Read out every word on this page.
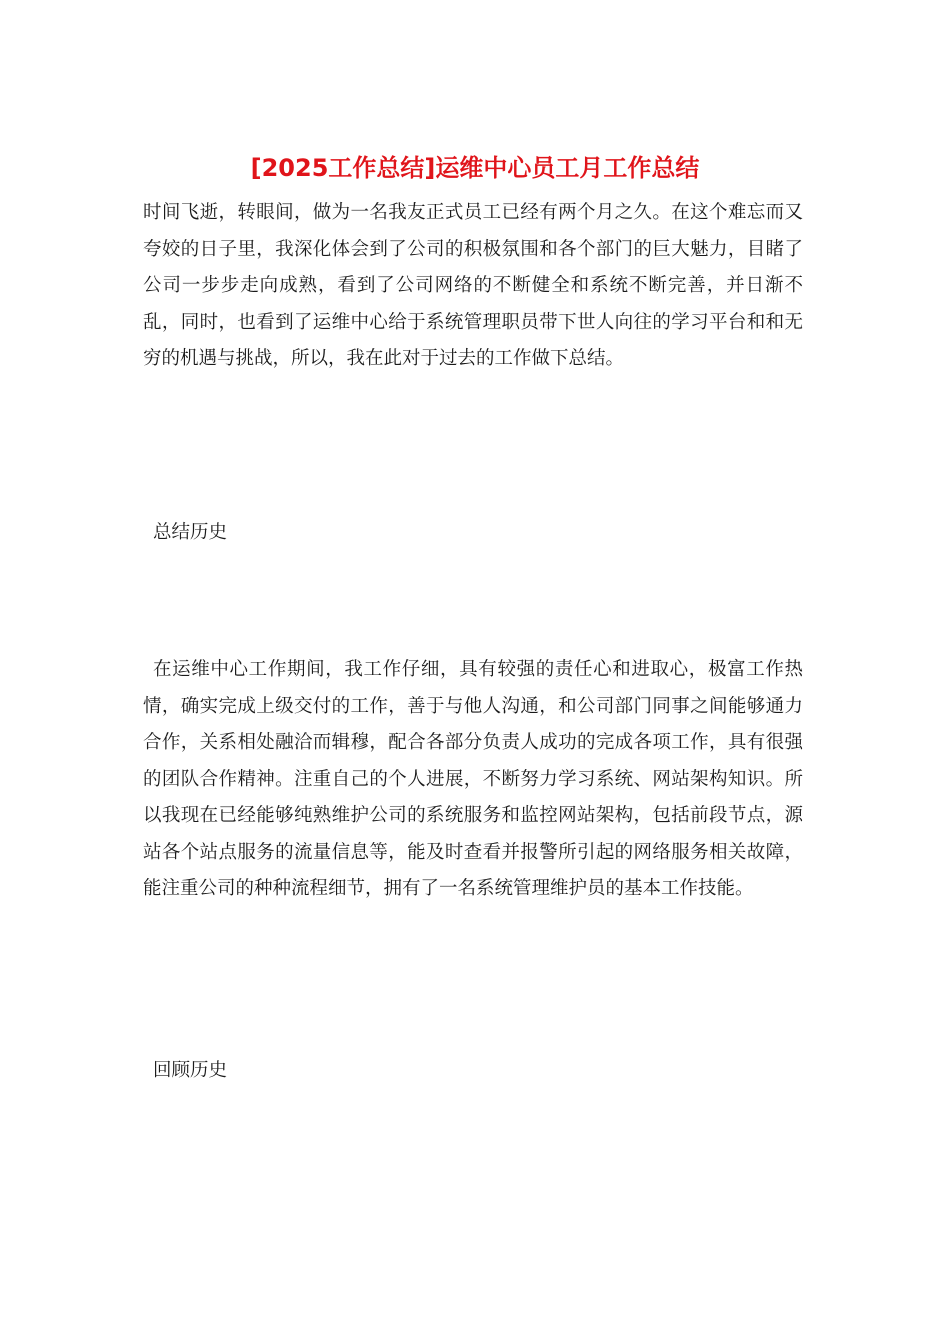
[2025工作总结]运维中心员工月工作总结

时间飞逝，转眼间，做为一名我友正式员工已经有两个月之久。在这个难忘而又夸姣的日子里，我深化体会到了公司的积极氛围和各个部门的巨大魅力，目睹了公司一步步走向成熟，看到了公司网络的不断健全和系统不断完善，并日渐不乱，同时，也看到了运维中心给于系统管理职员带下世人向往的学习平台和和无穷的机遇与挑战，所以，我在此对于过去的工作做下总结。

总结历史

在运维中心工作期间，我工作仔细，具有较强的责任心和进取心，极富工作热情，确实完成上级交付的工作，善于与他人沟通，和公司部门同事之间能够通力合作，关系相处融洽而辑穆，配合各部分负责人成功的完成各项工作，具有很强的团队合作精神。注重自己的个人进展，不断努力学习系统、网站架构知识。所以我现在已经能够纯熟维护公司的系统服务和监控网站架构，包括前段节点，源站各个站点服务的流量信息等，能及时查看并报警所引起的网络服务相关故障，能注重公司的种种流程细节，拥有了一名系统管理维护员的基本工作技能。

回顾历史
